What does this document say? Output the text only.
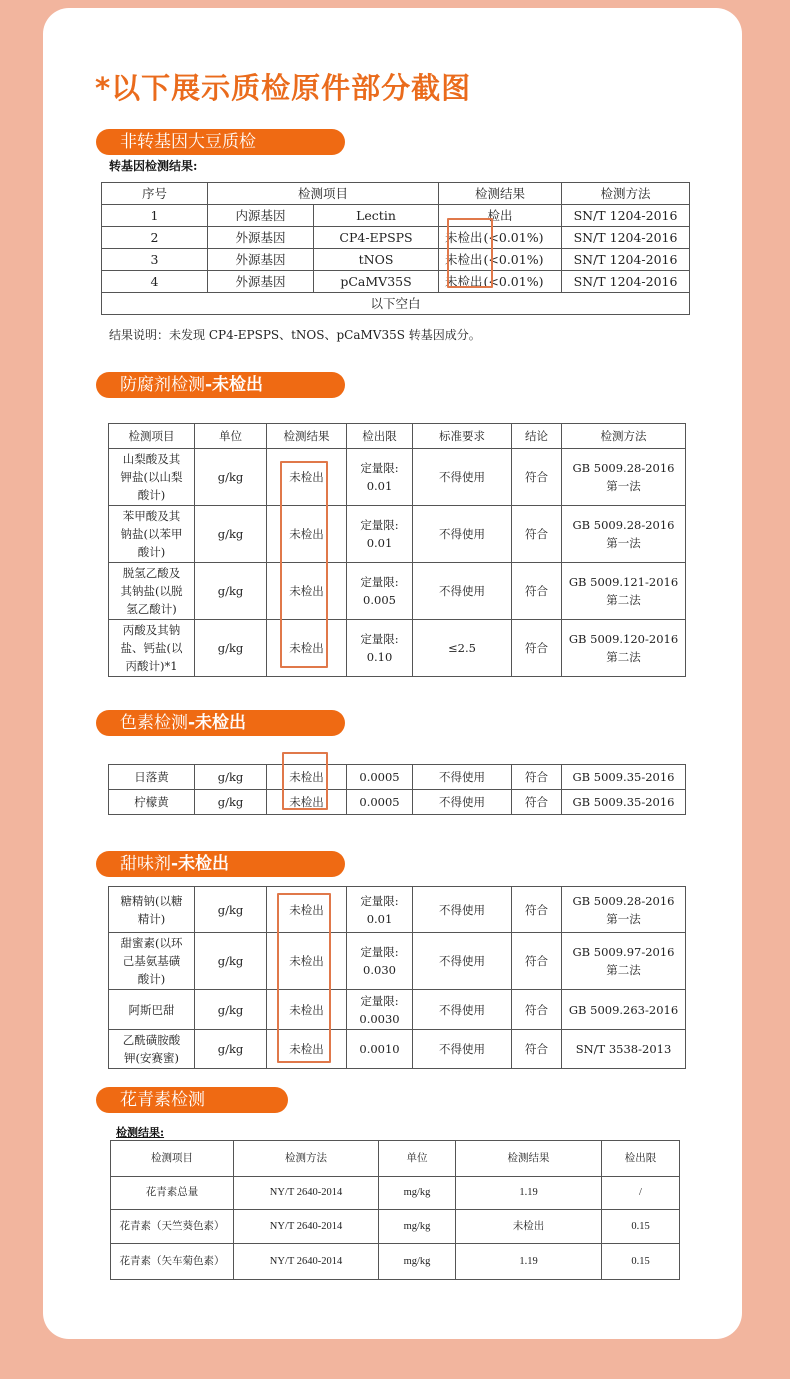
*以下展示质检原件部分截图
非转基因大豆质检
转基因检测结果:
序号	检测项目		检测结果		检测方法
1	内源基因	Lectin	检出		SN/T 1204-2016
2	外源基因	CP4-EPSPS	未检出	(<0.01%)	SN/T 1204-2016
3	外源基因	tNOS	未检出	(<0.01%)	SN/T 1204-2016
4	外源基因	pCaMV35S	未检出	(<0.01%)	SN/T 1204-2016
以下空白					
结果说明：未发现 CP4-EPSPS、tNOS、pCaMV35S 转基因成分。
防腐剂检测-未检出
检测项目	单位	检测结果	检出限	标准要求	结论	检测方法
山梨酸及其
钾盐(以山梨
酸计)	g/kg	未检出	定量限:
0.01	不得使用	符合	GB 5009.28-2016
第一法
苯甲酸及其
钠盐(以苯甲
酸计)	g/kg	未检出	定量限:
0.01	不得使用	符合	GB 5009.28-2016
第一法
脱氢乙酸及
其钠盐(以脱
氢乙酸计)	g/kg	未检出	定量限:
0.005	不得使用	符合	GB 5009.121-2016
第二法
丙酸及其钠
盐、钙盐(以
丙酸计)*1	g/kg	未检出	定量限:
0.10	≤2.5	符合	GB 5009.120-2016
第二法
色素检测-未检出
日落黄	g/kg	未检出	0.0005	不得使用	符合	GB 5009.35-2016
柠檬黄	g/kg	未检出	0.0005	不得使用	符合	GB 5009.35-2016
甜味剂-未检出
糖精钠(以糖
精计)	g/kg	未检出	定量限:
0.01	不得使用	符合	GB 5009.28-2016
第一法
甜蜜素(以环
己基氨基磺
酸计)	g/kg	未检出	定量限:
0.030	不得使用	符合	GB 5009.97-2016
第二法
阿斯巴甜	g/kg	未检出	定量限:
0.0030	不得使用	符合	GB 5009.263-2016
乙酰磺胺酸
钾(安赛蜜)	g/kg	未检出	0.0010	不得使用	符合	SN/T 3538-2013
花青素检测
检测结果:
检测项目	检测方法	单位	检测结果	检出限
花青素总量	NY/T 2640-2014	mg/kg	1.19	/
花青素（天竺葵色素）	NY/T 2640-2014	mg/kg	未检出	0.15
花青素（矢车菊色素）	NY/T 2640-2014	mg/kg	1.19	0.15
